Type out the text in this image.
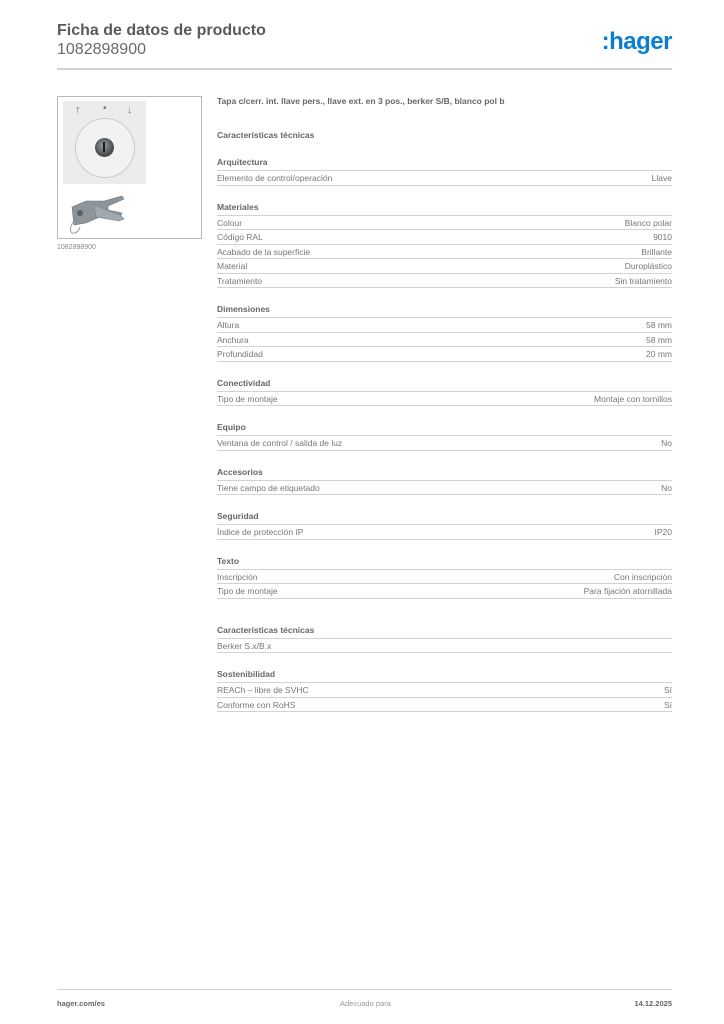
Ficha de datos de producto
1082898900	:hager
↑ • ↓
1082898900
Tapa c/cerr. int. llave pers., llave ext. en 3 pos., berker S/B, blanco pol b
Características técnicas
Arquitectura
Elemento de control/operación	Llave
Materiales
Colour	Blanco polar
Código RAL	9010
Acabado de la superficie	Brillante
Material	Duroplástico
Tratamiento	Sin tratamiento
Dimensiones
Altura	58 mm
Anchura	58 mm
Profundidad	20 mm
Conectividad
Tipo de montaje	Montaje con tornillos
Equipo
Ventana de control / salida de luz	No
Accesorios
Tiene campo de etiquetado	No
Seguridad
Índice de protección IP	IP20
Texto
Inscripción	Con inscripción
Tipo de montaje	Para fijación atornillada
Características técnicas
Berker S.x/B.x
Sostenibilidad
REACh – libre de SVHC	Sí
Conforme con RoHS	Sí
hager.com/es	Adecuado para	14.12.2025
